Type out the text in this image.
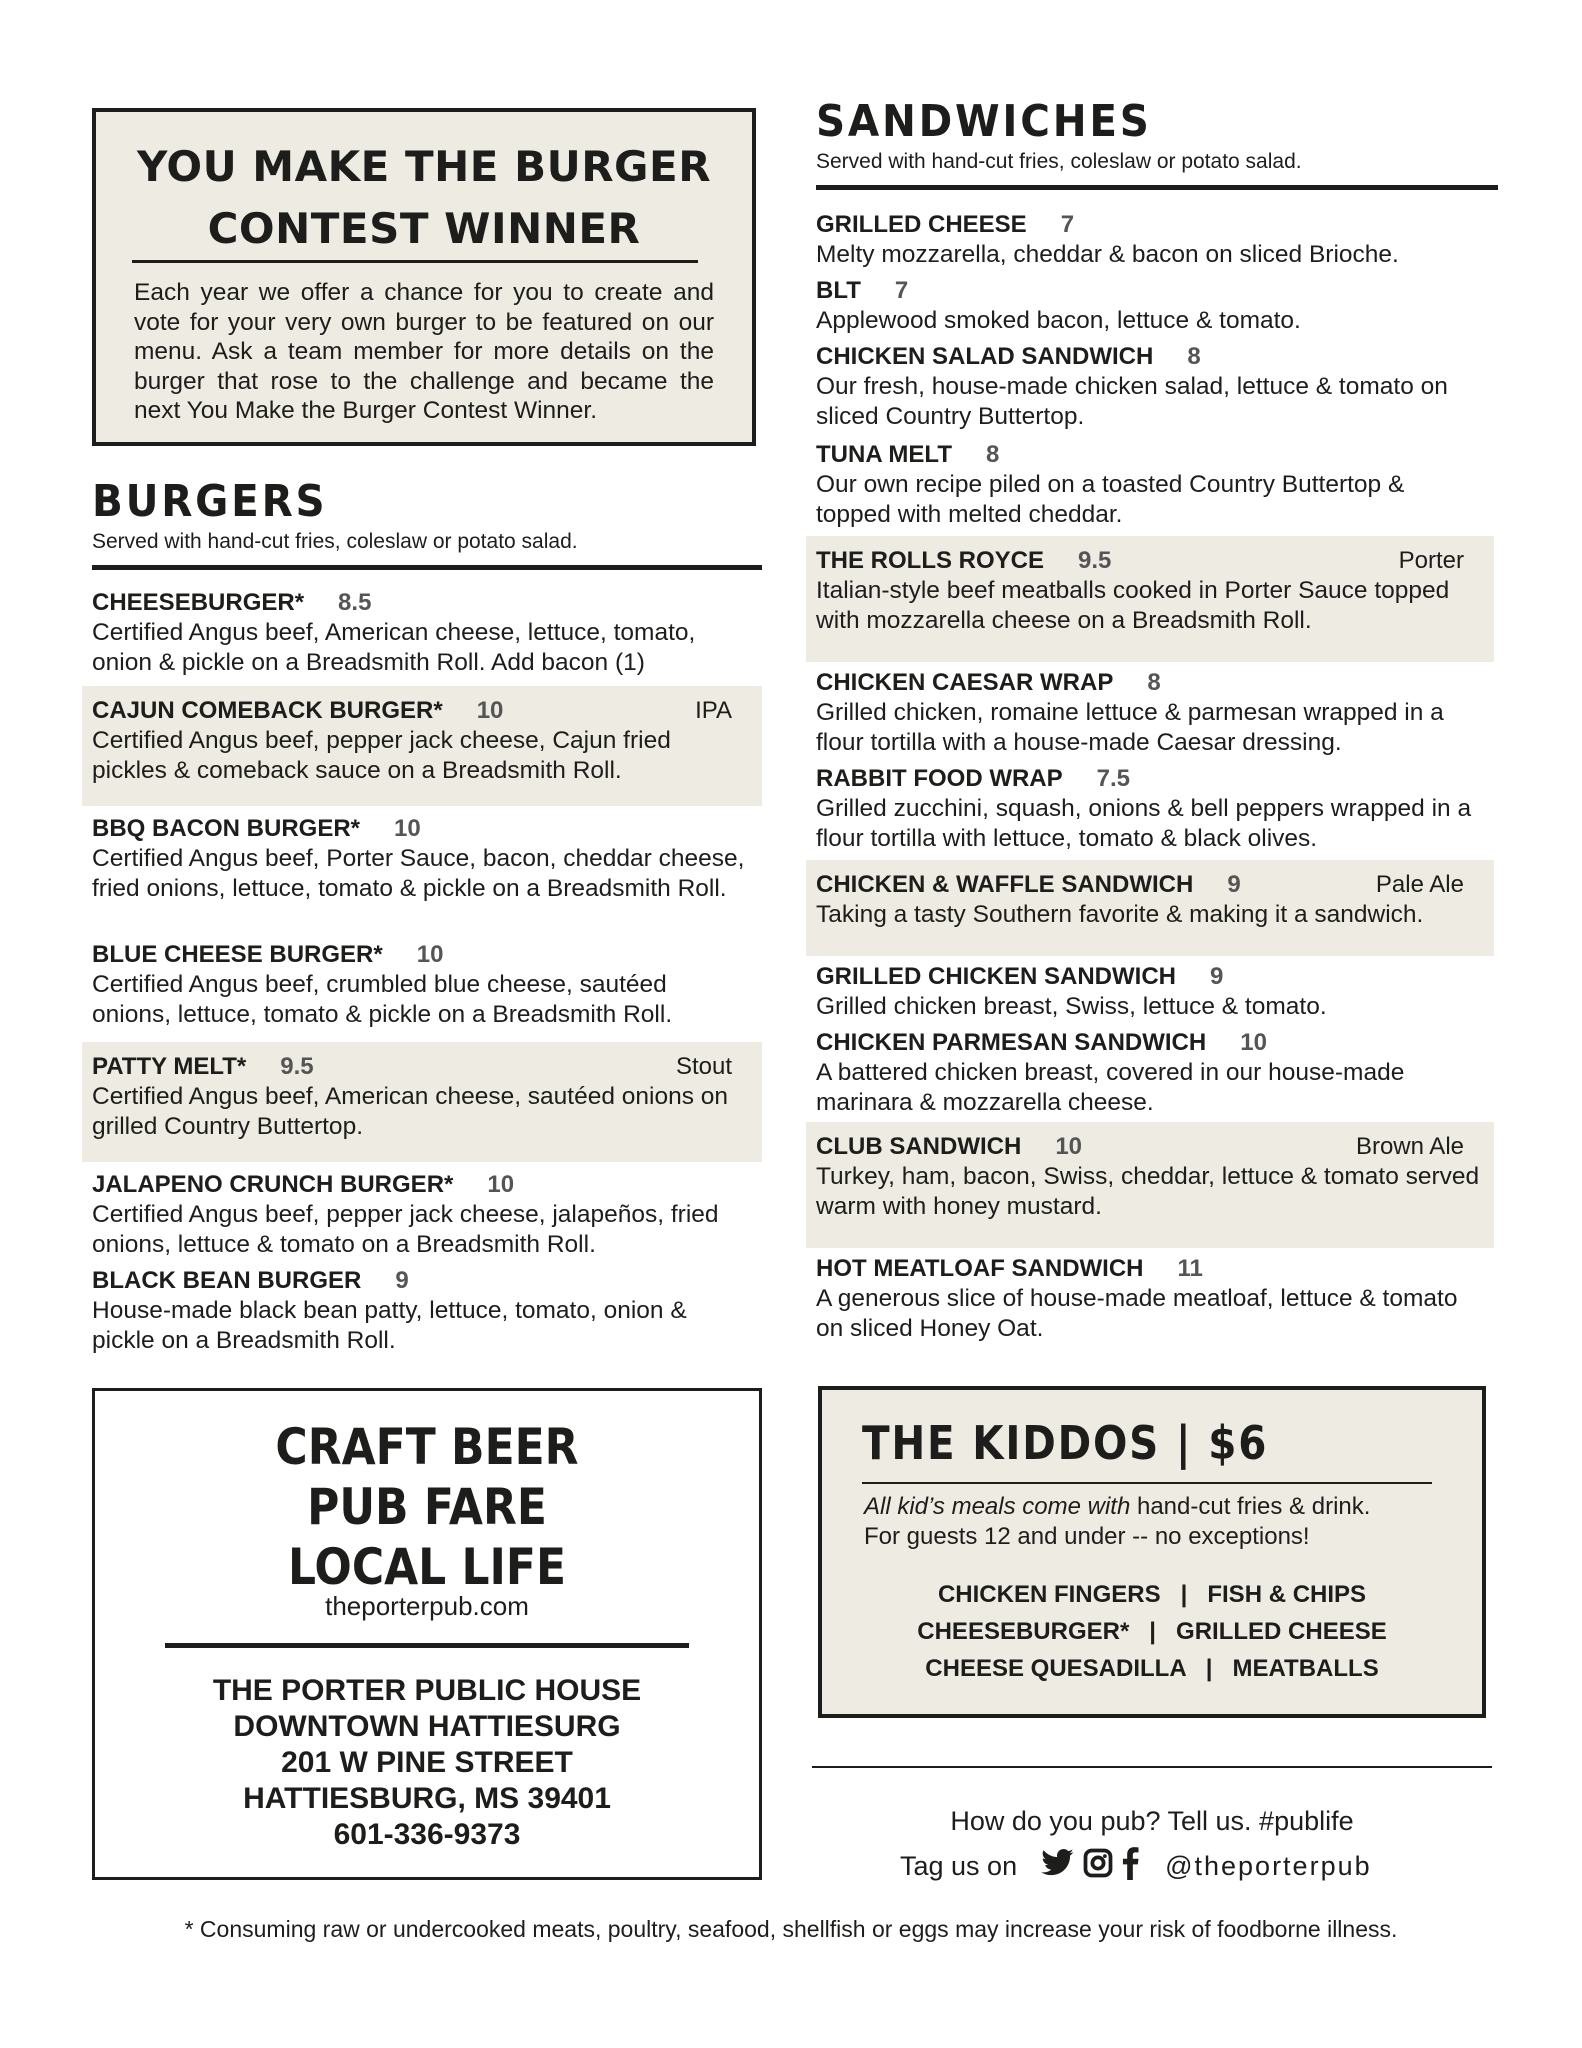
YOU MAKE THE BURGER
CONTEST WINNER
Each year we offer a chance for you to create and vote for your very own burger to be featured on our menu. Ask a team member for more details on the burger that rose to the challenge and became the next You Make the Burger Contest Winner.
BURGERS
Served with hand-cut fries, coleslaw or potato salad.
CHEESEBURGER* 8.5
Certified Angus beef, American cheese, lettuce, tomato, onion & pickle on a Breadsmith Roll. Add bacon (1)
CAJUN COMEBACK BURGER* 10	IPA
Certified Angus beef, pepper jack cheese, Cajun fried pickles & comeback sauce on a Breadsmith Roll.
BBQ BACON BURGER* 10
Certified Angus beef, Porter Sauce, bacon, cheddar cheese, fried onions, lettuce, tomato & pickle on a Breadsmith Roll.
BLUE CHEESE BURGER* 10
Certified Angus beef, crumbled blue cheese, sautéed onions, lettuce, tomato & pickle on a Breadsmith Roll.
PATTY MELT* 9.5	Stout
Certified Angus beef, American cheese, sautéed onions on grilled Country Buttertop.
JALAPENO CRUNCH BURGER* 10
Certified Angus beef, pepper jack cheese, jalapeños, fried onions, lettuce & tomato on a Breadsmith Roll.
BLACK BEAN BURGER 9
House-made black bean patty, lettuce, tomato, onion & pickle on a Breadsmith Roll.
SANDWICHES
Served with hand-cut fries, coleslaw or potato salad.
GRILLED CHEESE 7
Melty mozzarella, cheddar & bacon on sliced Brioche.
BLT 7
Applewood smoked bacon, lettuce & tomato.
CHICKEN SALAD SANDWICH 8
Our fresh, house-made chicken salad, lettuce & tomato on sliced Country Buttertop.
TUNA MELT 8
Our own recipe piled on a toasted Country Buttertop & topped with melted cheddar.
THE ROLLS ROYCE 9.5	Porter
Italian-style beef meatballs cooked in Porter Sauce topped with mozzarella cheese on a Breadsmith Roll.
CHICKEN CAESAR WRAP 8
Grilled chicken, romaine lettuce & parmesan wrapped in a flour tortilla with a house-made Caesar dressing.
RABBIT FOOD WRAP 7.5
Grilled zucchini, squash, onions & bell peppers wrapped in a flour tortilla with lettuce, tomato & black olives.
CHICKEN & WAFFLE SANDWICH 9	Pale Ale
Taking a tasty Southern favorite & making it a sandwich.
GRILLED CHICKEN SANDWICH 9
Grilled chicken breast, Swiss, lettuce & tomato.
CHICKEN PARMESAN SANDWICH 10
A battered chicken breast, covered in our house-made marinara & mozzarella cheese.
CLUB SANDWICH 10	Brown Ale
Turkey, ham, bacon, Swiss, cheddar, lettuce & tomato served warm with honey mustard.
HOT MEATLOAF SANDWICH 11
A generous slice of house-made meatloaf, lettuce & tomato on sliced Honey Oat.
CRAFT BEER
PUB FARE
LOCAL LIFE
theporterpub.com
THE PORTER PUBLIC HOUSE
DOWNTOWN HATTIESURG
201 W PINE STREET
HATTIESBURG, MS 39401
601-336-9373
THE KIDDOS | $6
All kid’s meals come with hand-cut fries & drink.
For guests 12 and under -- no exceptions!
CHICKEN FINGERS   |   FISH & CHIPS
CHEESEBURGER*   |   GRILLED CHEESE
CHEESE QUESADILLA   |   MEATBALLS
How do you pub? Tell us. #publife
Tag us on	@theporterpub
* Consuming raw or undercooked meats, poultry, seafood, shellfish or eggs may increase your risk of foodborne illness.
